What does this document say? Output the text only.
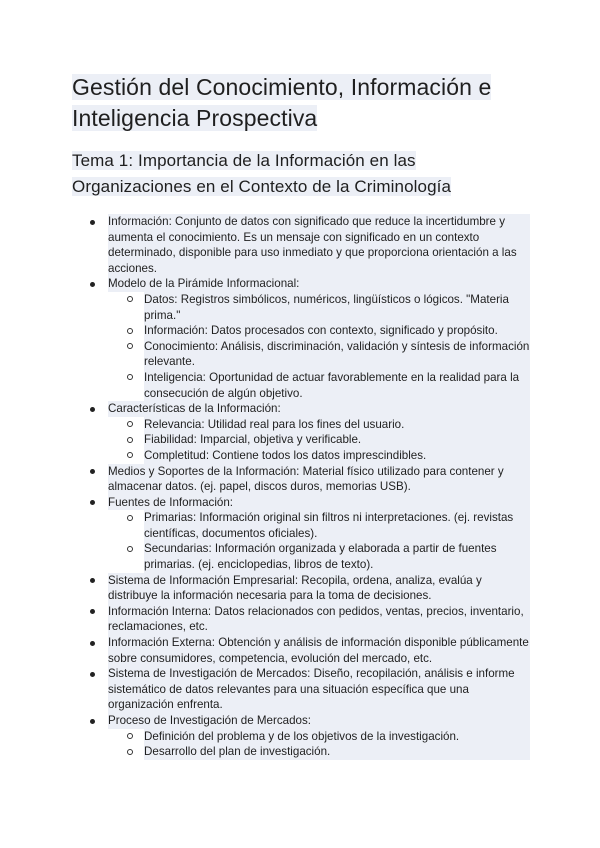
Gestión del Conocimiento, Información e Inteligencia Prospectiva
Tema 1: Importancia de la Información en las Organizaciones en el Contexto de la Criminología
Información: Conjunto de datos con significado que reduce la incertidumbre y aumenta el conocimiento. Es un mensaje con significado en un contexto determinado, disponible para uso inmediato y que proporciona orientación a las acciones.
Modelo de la Pirámide Informacional:
Datos: Registros simbólicos, numéricos, lingüísticos o lógicos. "Materia prima."
Información: Datos procesados con contexto, significado y propósito.
Conocimiento: Análisis, discriminación, validación y síntesis de información relevante.
Inteligencia: Oportunidad de actuar favorablemente en la realidad para la consecución de algún objetivo.
Características de la Información:
Relevancia: Utilidad real para los fines del usuario.
Fiabilidad: Imparcial, objetiva y verificable.
Completitud: Contiene todos los datos imprescindibles.
Medios y Soportes de la Información: Material físico utilizado para contener y almacenar datos. (ej. papel, discos duros, memorias USB).
Fuentes de Información:
Primarias: Información original sin filtros ni interpretaciones. (ej. revistas científicas, documentos oficiales).
Secundarias: Información organizada y elaborada a partir de fuentes primarias. (ej. enciclopedias, libros de texto).
Sistema de Información Empresarial: Recopila, ordena, analiza, evalúa y distribuye la información necesaria para la toma de decisiones.
Información Interna: Datos relacionados con pedidos, ventas, precios, inventario, reclamaciones, etc.
Información Externa: Obtención y análisis de información disponible públicamente sobre consumidores, competencia, evolución del mercado, etc.
Sistema de Investigación de Mercados: Diseño, recopilación, análisis e informe sistemático de datos relevantes para una situación específica que una organización enfrenta.
Proceso de Investigación de Mercados:
Definición del problema y de los objetivos de la investigación.
Desarrollo del plan de investigación.
